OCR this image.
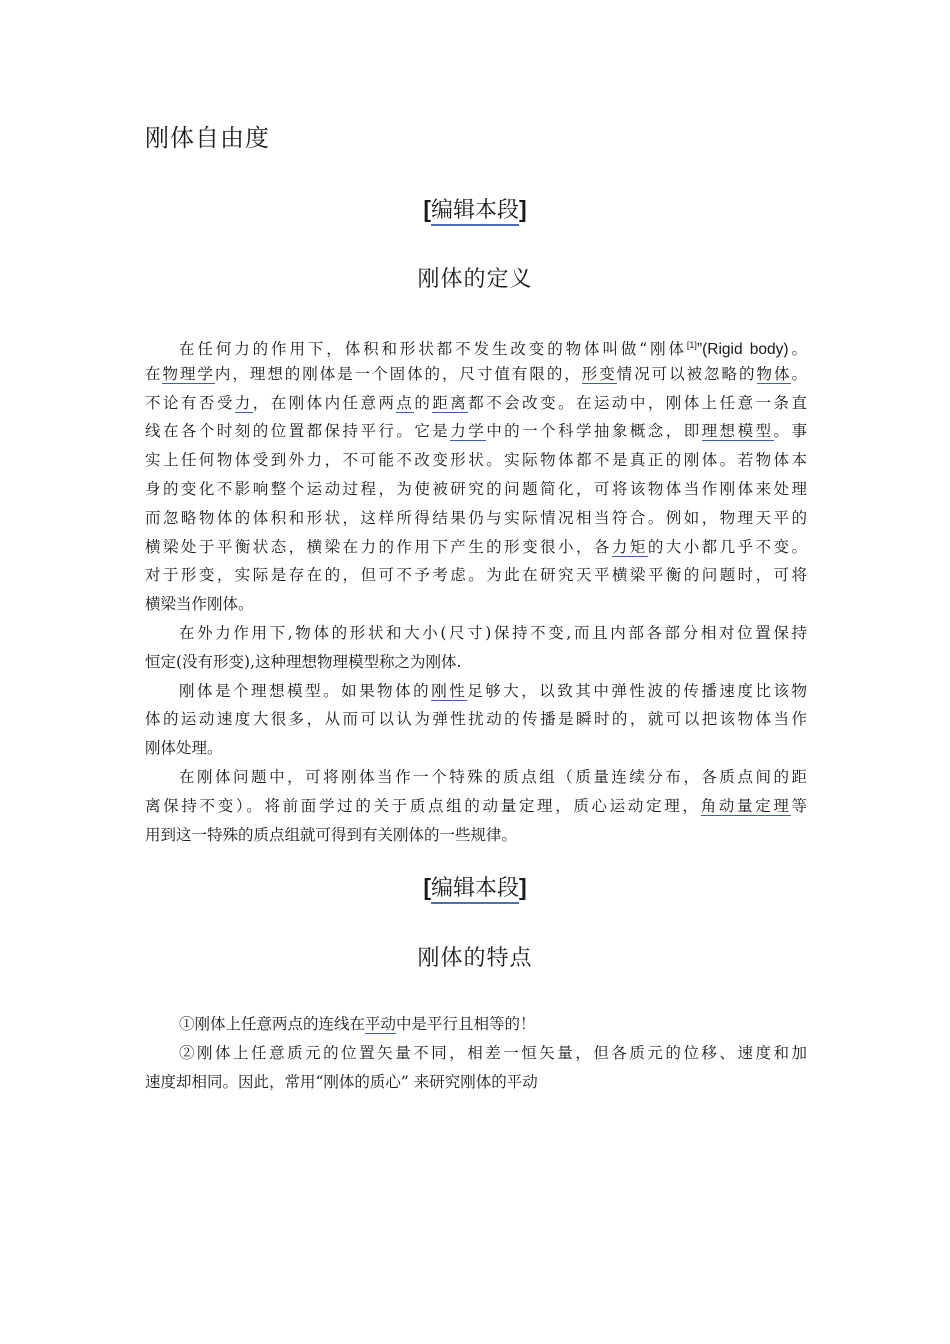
刚体自由度
[编辑本段]
刚体的定义
在任何力的作用下，体积和形状都不发生改变的物体叫做“刚体[1]”(Rigid body)。
在物理学内，理想的刚体是一个固体的，尺寸值有限的，形变情况可以被忽略的物体。
不论有否受力，在刚体内任意两点的距离都不会改变。在运动中，刚体上任意一条直
线在各个时刻的位置都保持平行。它是力学中的一个科学抽象概念，即理想模型。事
实上任何物体受到外力，不可能不改变形状。实际物体都不是真正的刚体。若物体本
身的变化不影响整个运动过程，为使被研究的问题简化，可将该物体当作刚体来处理
而忽略物体的体积和形状，这样所得结果仍与实际情况相当符合。例如，物理天平的
横梁处于平衡状态，横梁在力的作用下产生的形变很小，各力矩的大小都几乎不变。
对于形变，实际是存在的，但可不予考虑。为此在研究天平横梁平衡的问题时，可将
横梁当作刚体。
在外力作用下,物体的形状和大小(尺寸)保持不变,而且内部各部分相对位置保持
恒定(没有形变),这种理想物理模型称之为刚体.
刚体是个理想模型。如果物体的刚性足够大，以致其中弹性波的传播速度比该物
体的运动速度大很多，从而可以认为弹性扰动的传播是瞬时的，就可以把该物体当作
刚体处理。
在刚体问题中，可将刚体当作一个特殊的质点组（质量连续分布，各质点间的距
离保持不变）。将前面学过的关于质点组的动量定理，质心运动定理，角动量定理等
用到这一特殊的质点组就可得到有关刚体的一些规律。
[编辑本段]
刚体的特点
①刚体上任意两点的连线在平动中是平行且相等的！
②刚体上任意质元的位置矢量不同，相差一恒矢量，但各质元的位移、速度和加
速度却相同。因此，常用“刚体的质心” 来研究刚体的平动
